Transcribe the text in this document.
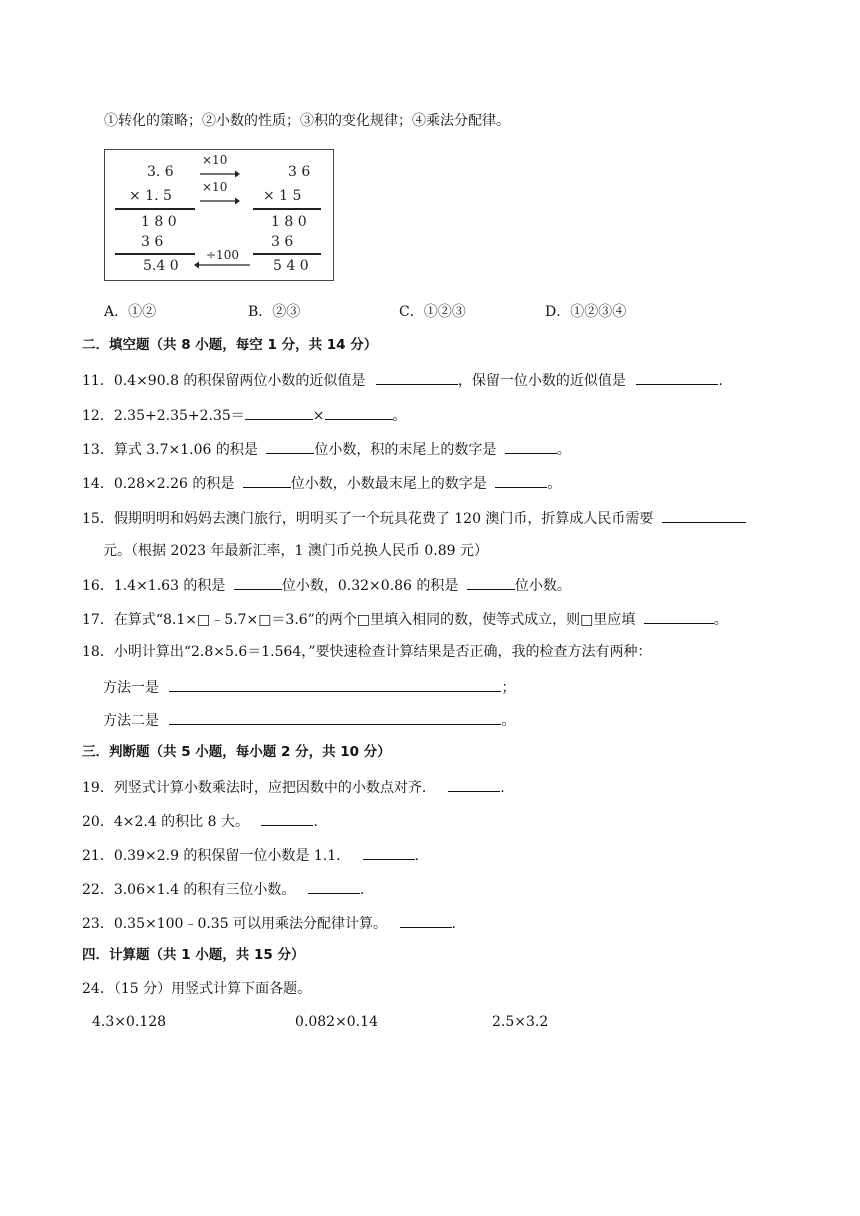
①转化的策略；②小数的性质；③积的变化规律；④乘法分配律。
3. 6
× 1. 5
1 8 0
3 6
5.4 0
×10
×10
÷100
3 6
× 1 5
1 8 0
3 6
5 4 0
A．①②	B．②③	C．①②③	D．①②③④
二．填空题（共 8 小题，每空 1 分，共 14 分）
11．0.4×90.8 的积保留两位小数的近似值是	，保留一位小数的近似值是	.
12．2.35+2.35+2.35＝	×	。
13．算式 3.7×1.06 的积是	位小数，积的末尾上的数字是	。
14．0.28×2.26 的积是	位小数，小数最末尾上的数字是	。
15．假期明明和妈妈去澳门旅行，明明买了一个玩具花费了 120 澳门币，折算成人民币需要
元。（根据 2023 年最新汇率，1 澳门币兑换人民币 0.89 元）
16．1.4×1.63 的积是	位小数，0.32×0.86 的积是	位小数。
17．在算式“8.1×□﹣5.7×□＝3.6”的两个□里填入相同的数，使等式成立，则□里应填	。
18．小明计算出“2.8×5.6＝1.564，”要快速检查计算结果是否正确，我的检查方法有两种：
方法一是	；
方法二是	。
三．判断题（共 5 小题，每小题 2 分，共 10 分）
19．列竖式计算小数乘法时，应把因数中的小数点对齐．	.
20．4×2.4 的积比 8 大。	.
21．0.39×2.9 的积保留一位小数是 1.1．	.
22．3.06×1.4 的积有三位小数。	.
23．0.35×100﹣0.35 可以用乘法分配律计算。	.
四．计算题（共 1 小题，共 15 分）
24．（15 分）用竖式计算下面各题。
4.3×0.128	0.082×0.14	2.5×3.2
